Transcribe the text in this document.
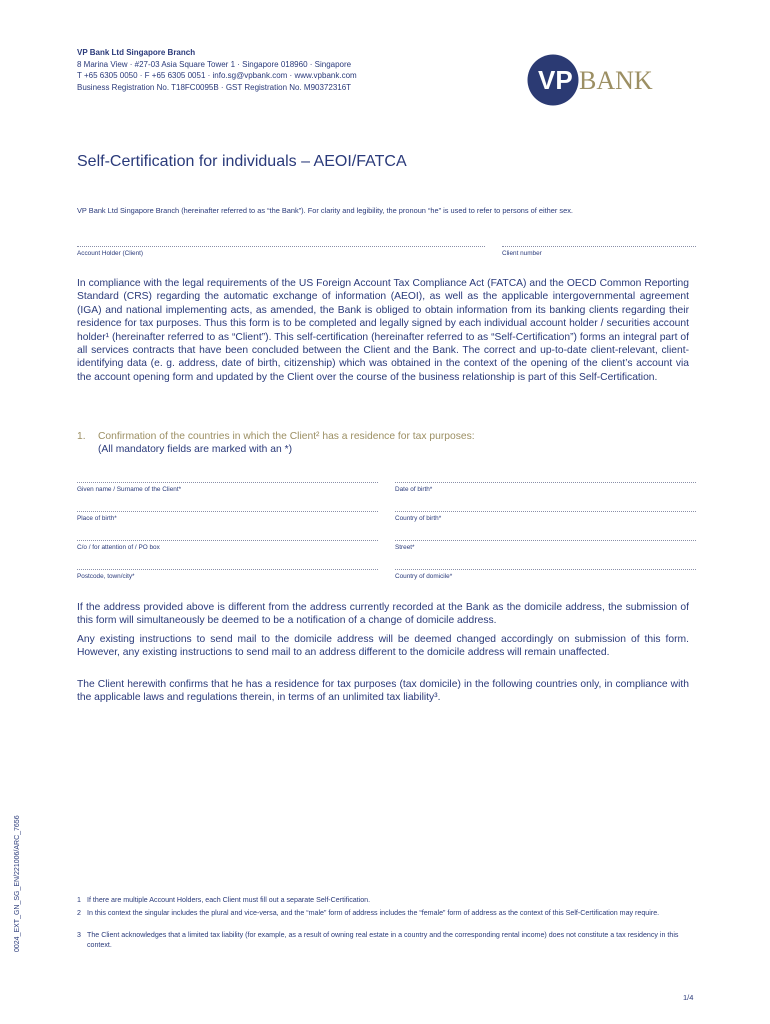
VP Bank Ltd Singapore Branch
8 Marina View · #27-03 Asia Square Tower 1 · Singapore 018960 · Singapore
T +65 6305 0050 · F +65 6305 0051 · info.sg@vpbank.com · www.vpbank.com
Business Registration No. T18FC0095B · GST Registration No. M90372316T	VP BANK
Self-Certification for individuals – AEOI/FATCA
VP Bank Ltd Singapore Branch (hereinafter referred to as “the Bank”). For clarity and legibility, the pronoun “he” is used to refer to persons of either sex.
Account Holder (Client)	Client number
In compliance with the legal requirements of the US Foreign Account Tax Compliance Act (FATCA) and the OECD Common Reporting Standard (CRS) regarding the automatic exchange of information (AEOI), as well as the applicable intergovernmental agreement (IGA) and national implementing acts, as amended, the Bank is obliged to obtain information from its banking clients regarding their residence for tax purposes. Thus this form is to be completed and legally signed by each individual account holder / securities account holder¹ (hereinafter referred to as “Client”). This self-certification (hereinafter referred to as “Self-Certification”) forms an integral part of all services contracts that have been concluded between the Client and the Bank. The correct and up-to-date client-relevant, client-identifying data (e. g. address, date of birth, citizenship) which was obtained in the context of the opening of the client’s account via the account opening form and updated by the Client over the course of the business relationship is part of this Self-Certification.
1. Confirmation of the countries in which the Client² has a residence for tax purposes:
(All mandatory fields are marked with an *)
Given name / Surname of the Client*	Date of birth*
Place of birth*	Country of birth*
C/o / for attention of / PO box	Street*
Postcode, town/city*	Country of domicile*
If the address provided above is different from the address currently recorded at the Bank as the domicile address, the submission of this form will simultaneously be deemed to be a notification of a change of domicile address.
Any existing instructions to send mail to the domicile address will be deemed changed accordingly on submission of this form. However, any existing instructions to send mail to an address different to the domicile address will remain unaffected.
The Client herewith confirms that he has a residence for tax purposes (tax domicile) in the following countries only, in compliance with the applicable laws and regulations therein, in terms of an unlimited tax liability³.
1 If there are multiple Account Holders, each Client must fill out a separate Self-Certification.
2 In this context the singular includes the plural and vice-versa, and the “male” form of address includes the “female” form of address as the context of this Self-Certification may require.
3 The Client acknowledges that a limited tax liability (for example, as a result of owning real estate in a country and the corresponding rental income) does not constitute a tax residency in this context.
0024_EXT_GN_SG_EN/221006/ARC_7656
1/4
